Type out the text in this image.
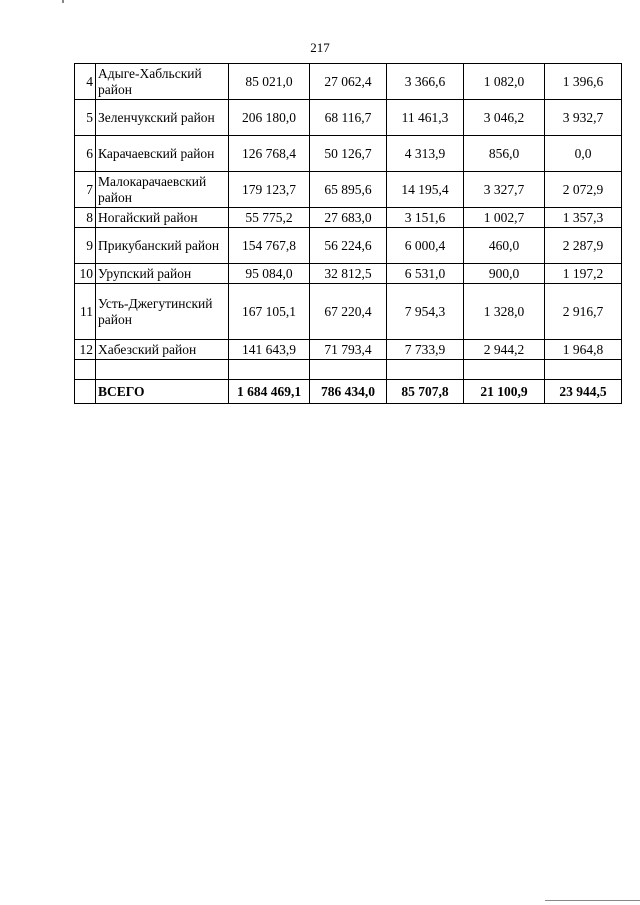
217
4	Адыге-Хабльский район	85 021,0	27 062,4	3 366,6	1 082,0	1 396,6
5	Зеленчукский район	206 180,0	68 116,7	11 461,3	3 046,2	3 932,7
6	Карачаевский район	126 768,4	50 126,7	4 313,9	856,0	0,0
7	Малокарачаевский район	179 123,7	65 895,6	14 195,4	3 327,7	2 072,9
8	Ногайский район	55 775,2	27 683,0	3 151,6	1 002,7	1 357,3
9	Прикубанский район	154 767,8	56 224,6	6 000,4	460,0	2 287,9
10	Урупский район	95 084,0	32 812,5	6 531,0	900,0	1 197,2
11	Усть-Джегутинский район	167 105,1	67 220,4	7 954,3	1 328,0	2 916,7
12	Хабезский район	141 643,9	71 793,4	7 733,9	2 944,2	1 964,8

	ВСЕГО	1 684 469,1	786 434,0	85 707,8	21 100,9	23 944,5
